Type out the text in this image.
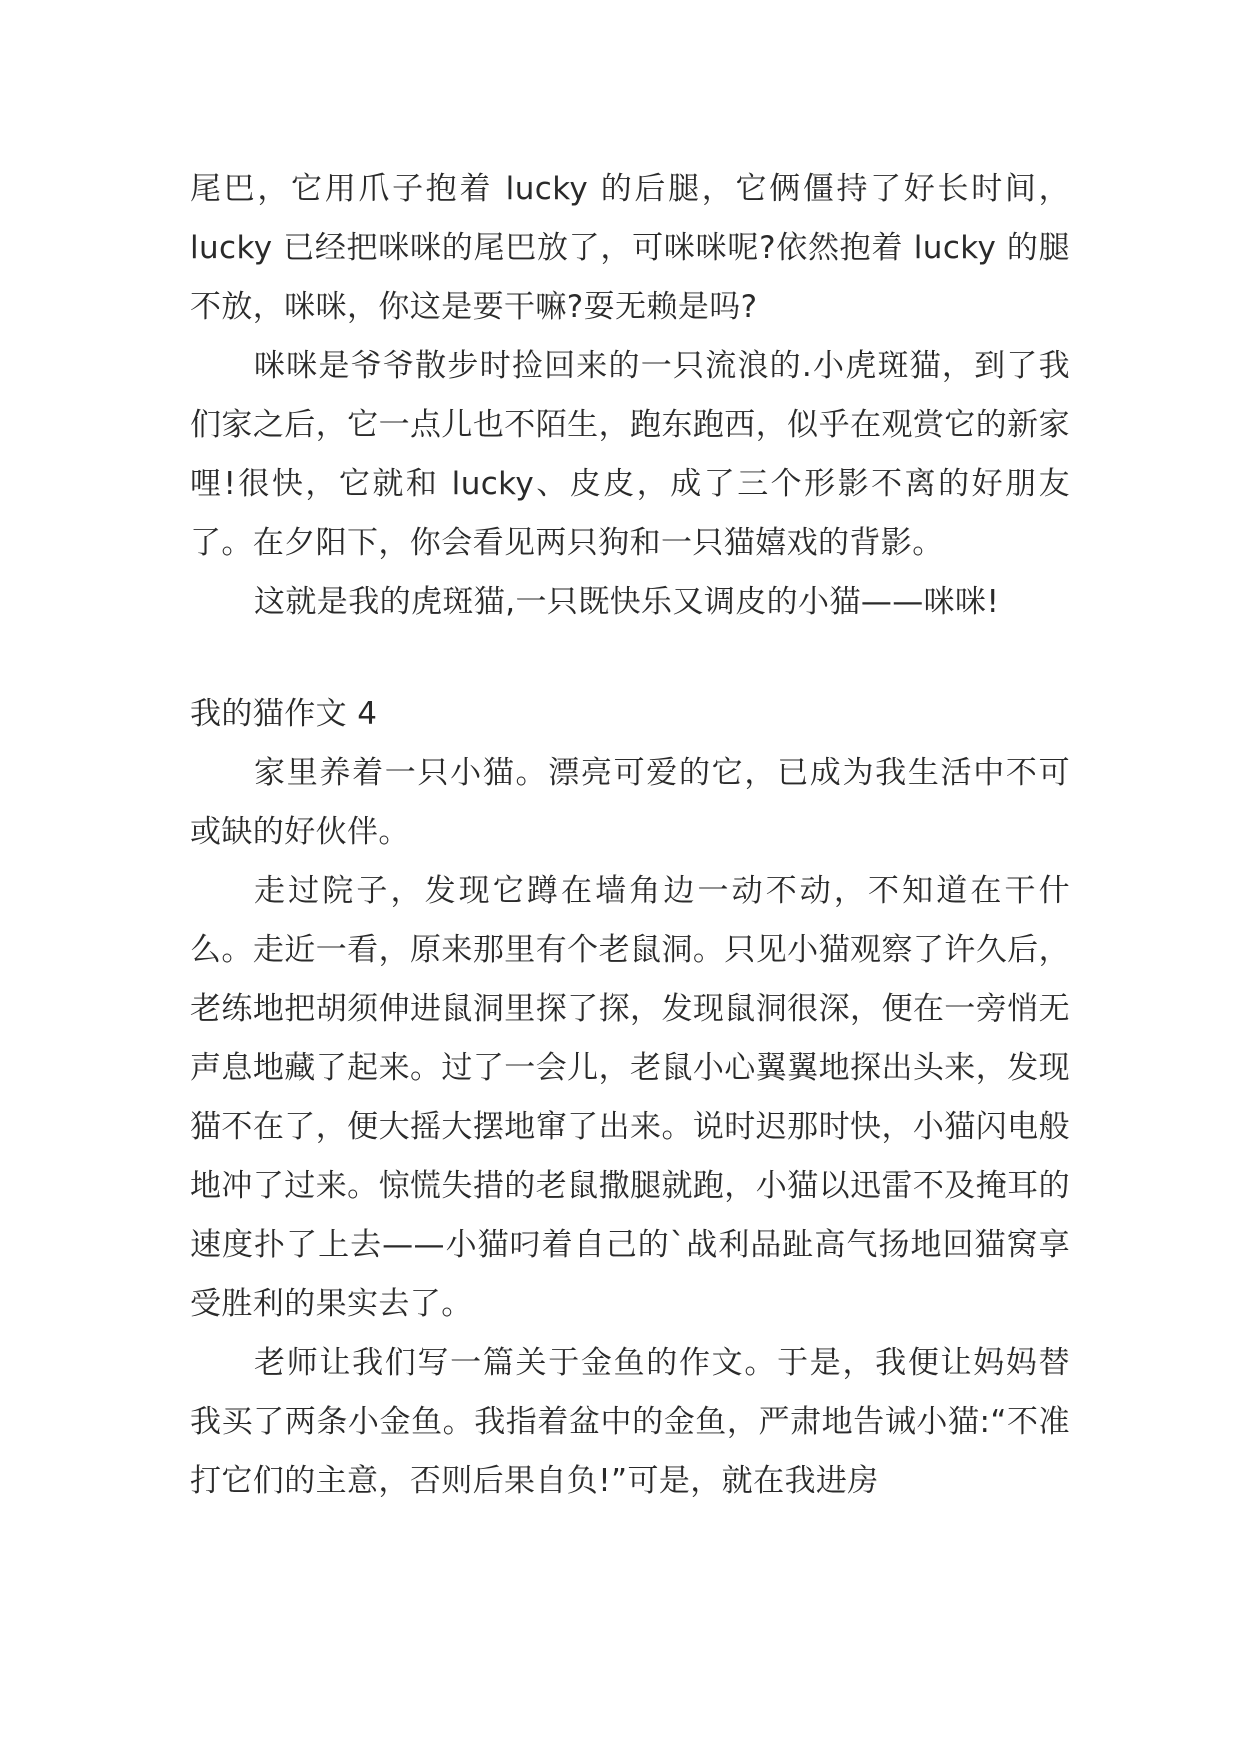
尾巴，它用爪子抱着 lucky 的后腿，它俩僵持了好长时间，lucky 已经把咪咪的尾巴放了，可咪咪呢?依然抱着 lucky 的腿不放，咪咪，你这是要干嘛?耍无赖是吗?

咪咪是爷爷散步时捡回来的一只流浪的.小虎斑猫，到了我们家之后，它一点儿也不陌生，跑东跑西，似乎在观赏它的新家哩!很快，它就和 lucky、皮皮，成了三个形影不离的好朋友了。在夕阳下，你会看见两只狗和一只猫嬉戏的背影。

这就是我的虎斑猫,一只既快乐又调皮的小猫——咪咪!

我的猫作文 4

家里养着一只小猫。漂亮可爱的它，已成为我生活中不可或缺的好伙伴。

走过院子，发现它蹲在墙角边一动不动，不知道在干什么。走近一看，原来那里有个老鼠洞。只见小猫观察了许久后，老练地把胡须伸进鼠洞里探了探，发现鼠洞很深，便在一旁悄无声息地藏了起来。过了一会儿，老鼠小心翼翼地探出头来，发现猫不在了，便大摇大摆地窜了出来。说时迟那时快，小猫闪电般地冲了过来。惊慌失措的老鼠撒腿就跑，小猫以迅雷不及掩耳的速度扑了上去——小猫叼着自己的`战利品趾高气扬地回猫窝享受胜利的果实去了。

老师让我们写一篇关于金鱼的作文。于是，我便让妈妈替我买了两条小金鱼。我指着盆中的金鱼，严肃地告诫小猫:“不准打它们的主意，否则后果自负!”可是，就在我进房
